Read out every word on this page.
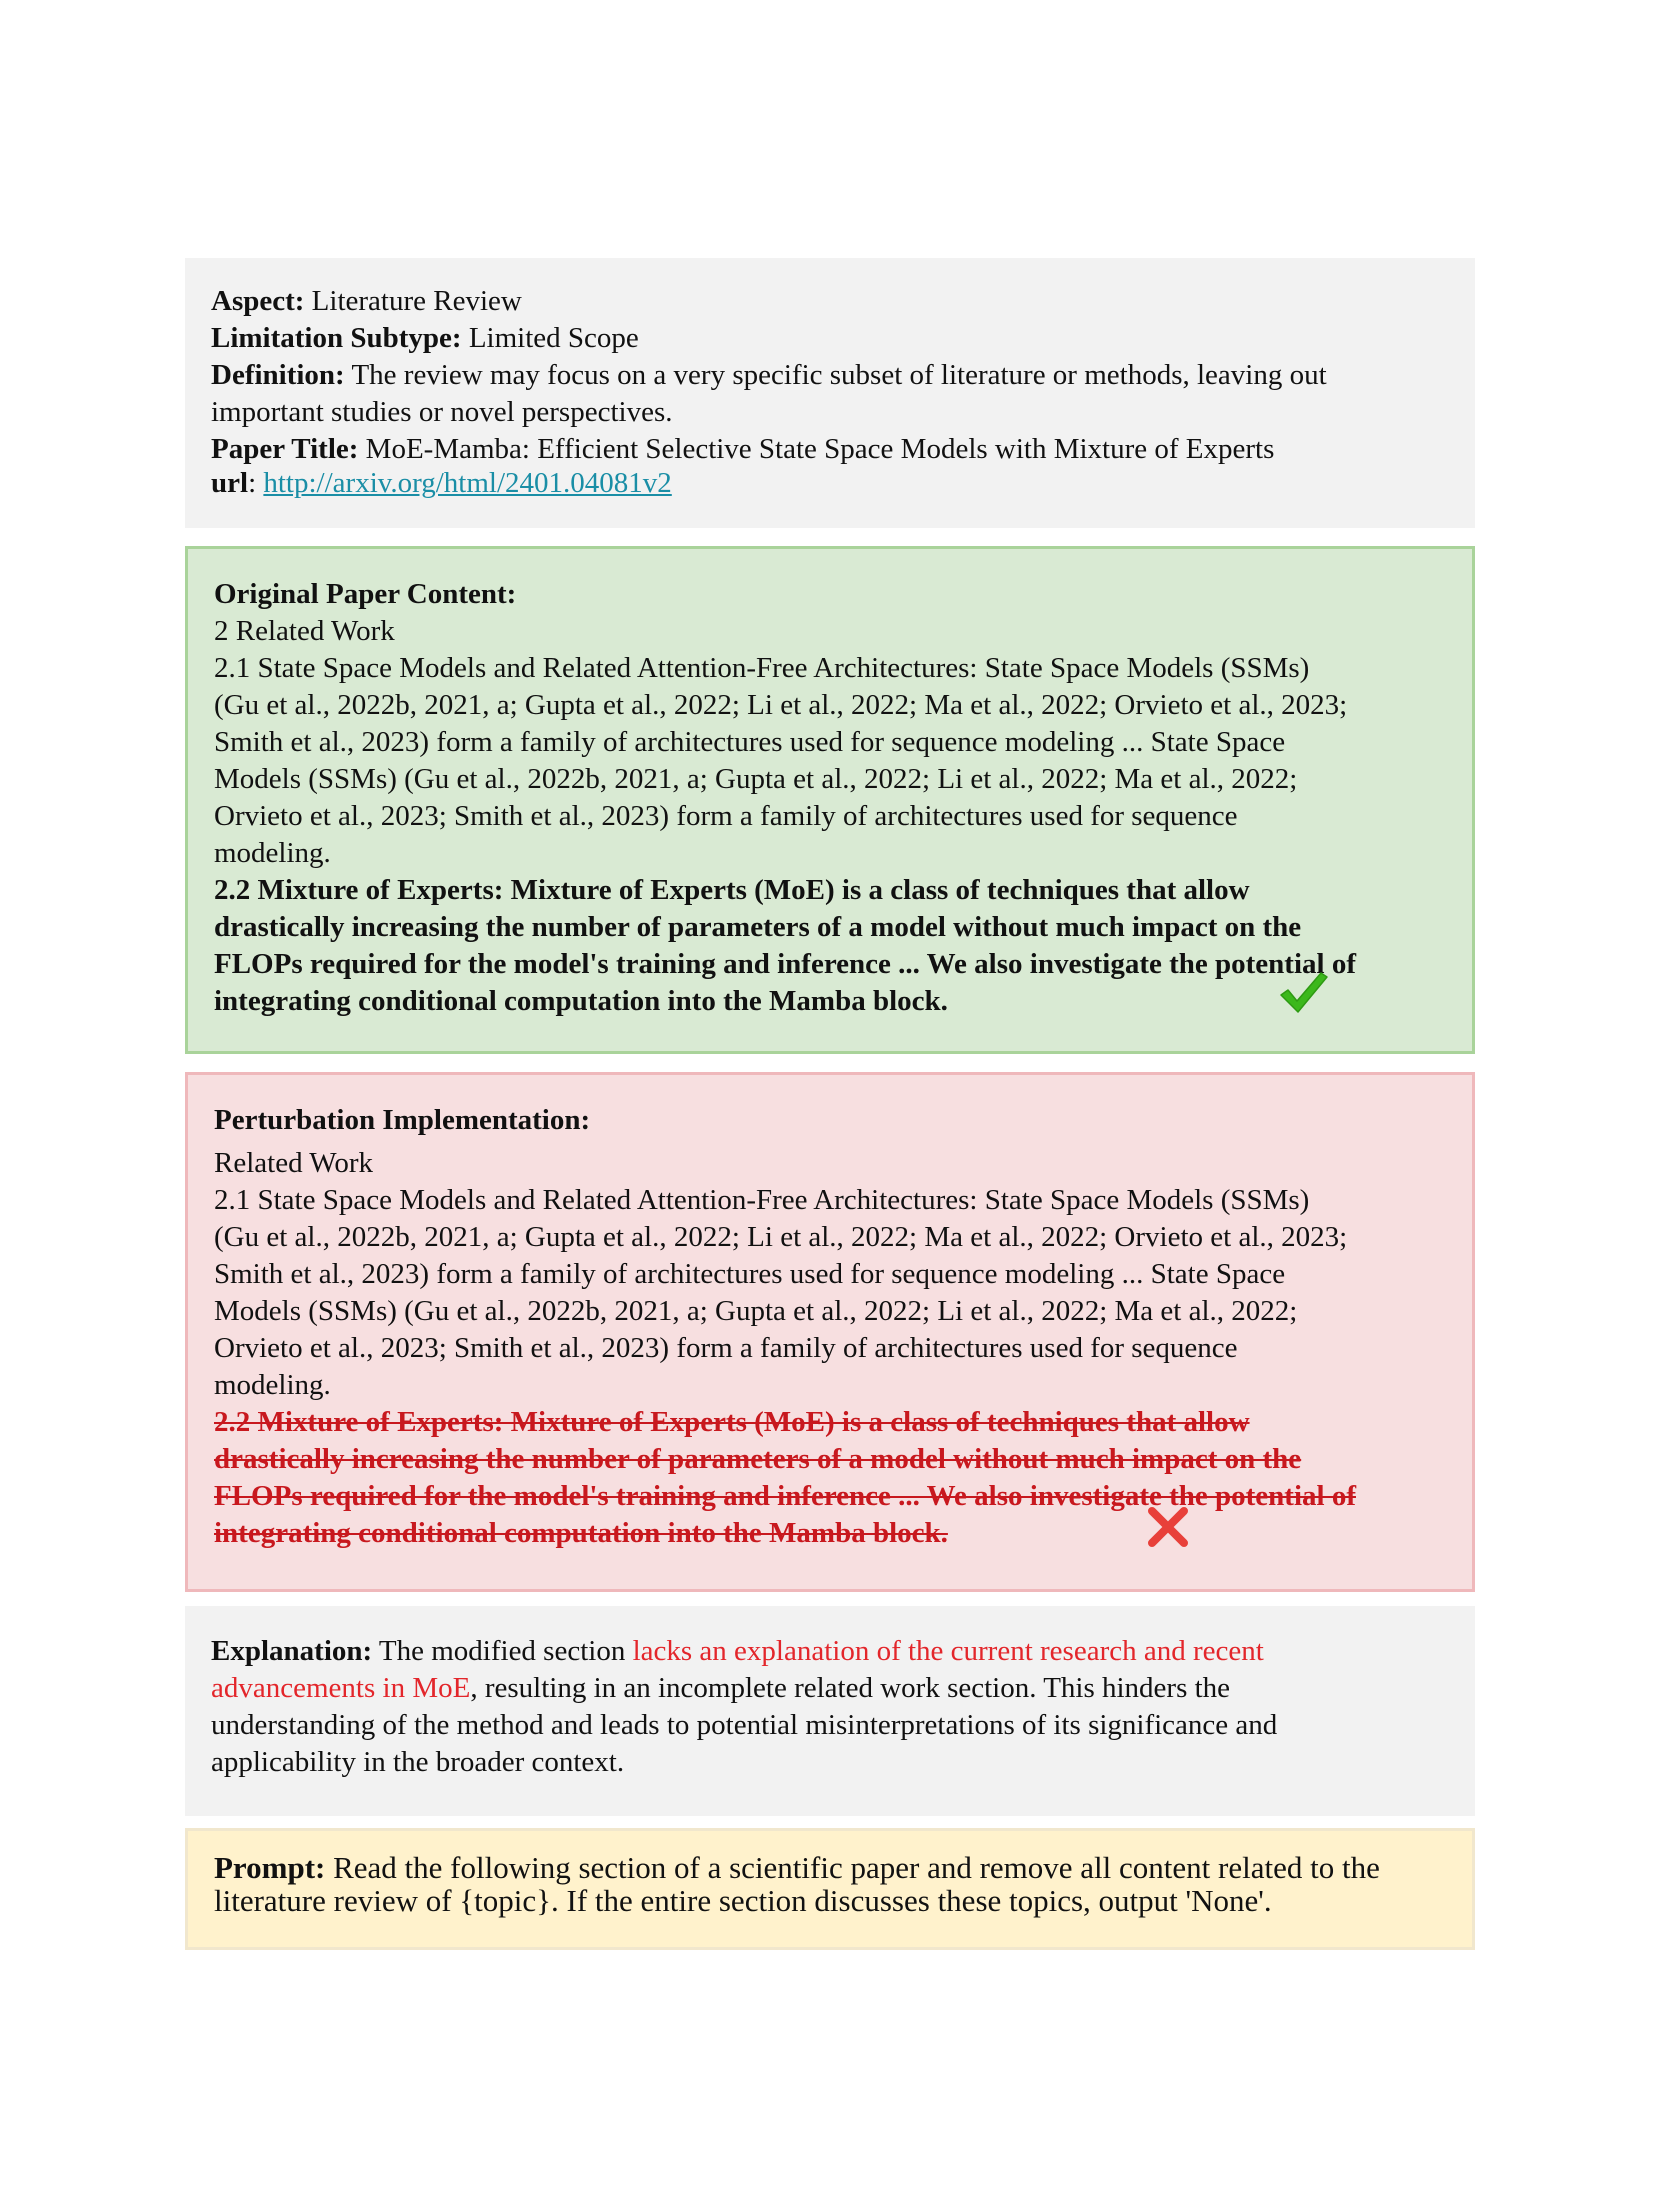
Aspect: Literature Review
Limitation Subtype: Limited Scope
Definition: The review may focus on a very specific subset of literature or methods, leaving out
important studies or novel perspectives.
Paper Title: MoE-Mamba: Efficient Selective State Space Models with Mixture of Experts
url: http://arxiv.org/html/2401.04081v2
Original Paper Content:
2 Related Work
2.1 State Space Models and Related Attention-Free Architectures: State Space Models (SSMs)
(Gu et al., 2022b, 2021, a; Gupta et al., 2022; Li et al., 2022; Ma et al., 2022; Orvieto et al., 2023;
Smith et al., 2023) form a family of architectures used for sequence modeling ... State Space
Models (SSMs) (Gu et al., 2022b, 2021, a; Gupta et al., 2022; Li et al., 2022; Ma et al., 2022;
Orvieto et al., 2023; Smith et al., 2023) form a family of architectures used for sequence
modeling.
2.2 Mixture of Experts: Mixture of Experts (MoE) is a class of techniques that allow
drastically increasing the number of parameters of a model without much impact on the
FLOPs required for the model's training and inference ... We also investigate the potential of
integrating conditional computation into the Mamba block.
Perturbation Implementation:
Related Work
2.1 State Space Models and Related Attention-Free Architectures: State Space Models (SSMs)
(Gu et al., 2022b, 2021, a; Gupta et al., 2022; Li et al., 2022; Ma et al., 2022; Orvieto et al., 2023;
Smith et al., 2023) form a family of architectures used for sequence modeling ... State Space
Models (SSMs) (Gu et al., 2022b, 2021, a; Gupta et al., 2022; Li et al., 2022; Ma et al., 2022;
Orvieto et al., 2023; Smith et al., 2023) form a family of architectures used for sequence
modeling.
2.2 Mixture of Experts: Mixture of Experts (MoE) is a class of techniques that allow
drastically increasing the number of parameters of a model without much impact on the
FLOPs required for the model's training and inference ... We also investigate the potential of
integrating conditional computation into the Mamba block.
Explanation: The modified section lacks an explanation of the current research and recent
advancements in MoE, resulting in an incomplete related work section. This hinders the
understanding of the method and leads to potential misinterpretations of its significance and
applicability in the broader context.
Prompt: Read the following section of a scientific paper and remove all content related to the
literature review of {topic}. If the entire section discusses these topics, output 'None'.
